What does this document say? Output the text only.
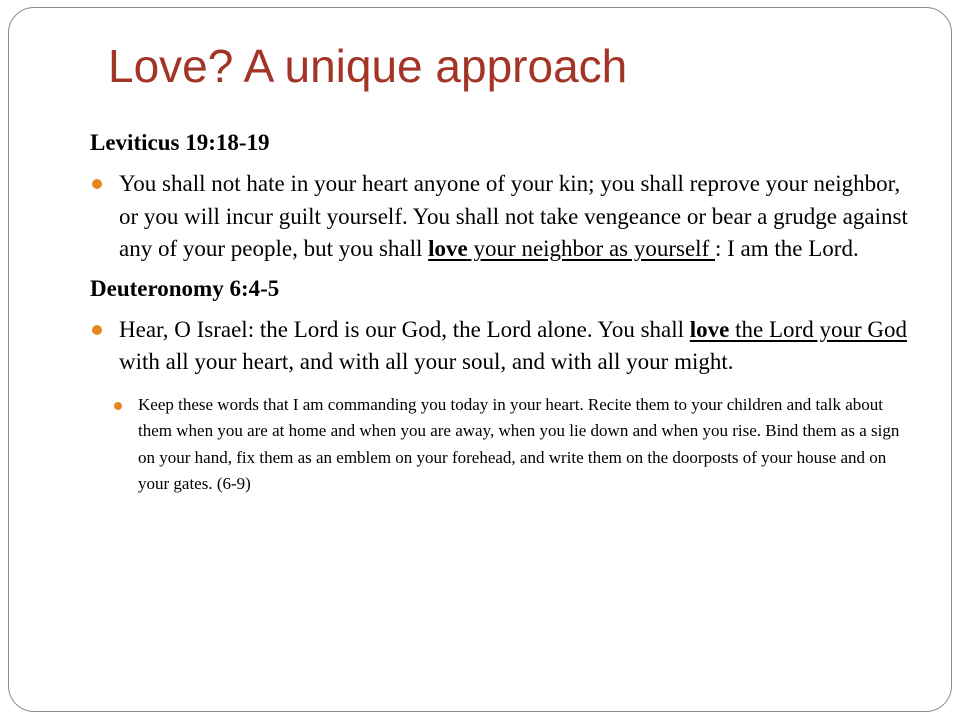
Love? A unique approach

Leviticus 19:18-19

You shall not hate in your heart anyone of your kin; you shall reprove your neighbor, or you will incur guilt yourself. You shall not take vengeance or bear a grudge against any of your people, but you shall love your neighbor as yourself : I am the Lord.

Deuteronomy 6:4-5

Hear, O Israel: the Lord is our God, the Lord alone. You shall love the Lord your God with all your heart, and with all your soul, and with all your might.

Keep these words that I am commanding you today in your heart. Recite them to your children and talk about them when you are at home and when you are away, when you lie down and when you rise. Bind them as a sign on your hand, fix them as an emblem on your forehead, and write them on the doorposts of your house and on your gates. (6-9)
